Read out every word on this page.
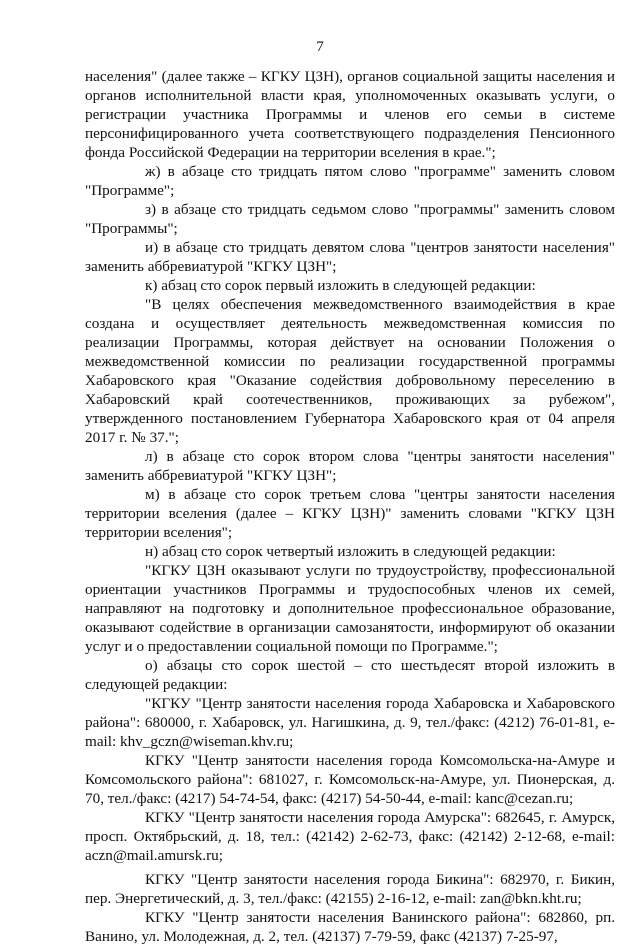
7

населения" (далее также – КГКУ ЦЗН), органов социальной защиты населения и органов исполнительной власти края, уполномоченных оказывать услуги, о регистрации участника Программы и членов его семьи в системе персонифицированного учета соответствующего подразделения Пенсионного фонда Российской Федерации на территории вселения в крае.";

ж) в абзаце сто тридцать пятом слово "программе" заменить словом "Программе";

з) в абзаце сто тридцать седьмом слово "программы" заменить словом "Программы";

и) в абзаце сто тридцать девятом слова "центров занятости населения" заменить аббревиатурой "КГКУ ЦЗН";

к) абзац сто сорок первый изложить в следующей редакции:

"В целях обеспечения межведомственного взаимодействия в крае создана и осуществляет деятельность межведомственная комиссия по реализации Программы, которая действует на основании Положения о межведомственной комиссии по реализации государственной программы Хабаровского края "Оказание содействия добровольному переселению в Хабаровский край соотечественников, проживающих за рубежом", утвержденного постановлением Губернатора Хабаровского края от 04 апреля 2017 г. № 37.";

л) в абзаце сто сорок втором слова "центры занятости населения" заменить аббревиатурой "КГКУ ЦЗН";

м) в абзаце сто сорок третьем слова "центры занятости населения территории вселения (далее – КГКУ ЦЗН)" заменить словами "КГКУ ЦЗН территории вселения";

н) абзац сто сорок четвертый изложить в следующей редакции:

"КГКУ ЦЗН оказывают услуги по трудоустройству, профессиональной ориентации участников Программы и трудоспособных членов их семей, направляют на подготовку и дополнительное профессиональное образование, оказывают содействие в организации самозанятости, информируют об оказании услуг и о предоставлении социальной помощи по Программе.";

о) абзацы сто сорок шестой – сто шестьдесят второй изложить в следующей редакции:

"КГКУ "Центр занятости населения города Хабаровска и Хабаровского района": 680000, г. Хабаровск, ул. Нагишкина, д. 9, тел./факс: (4212) 76-01-81, e-mail: khv_gczn@wiseman.khv.ru;

КГКУ "Центр занятости населения города Комсомольска-на-Амуре и Комсомольского района": 681027, г. Комсомольск-на-Амуре, ул. Пионерская, д. 70, тел./факс: (4217) 54-74-54, факс: (4217) 54-50-44, e-mail: kanc@cezan.ru;

КГКУ "Центр занятости населения города Амурска": 682645, г. Амурск, просп. Октябрьский, д. 18, тел.: (42142) 2-62-73, факс: (42142) 2-12-68, e-mail: aczn@mail.amursk.ru;

КГКУ "Центр занятости населения города Бикина": 682970, г. Бикин, пер. Энергетический, д. 3, тел./факс: (42155) 2-16-12, e-mail: zan@bkn.kht.ru;

КГКУ "Центр занятости населения Ванинского района": 682860, рп. Ванино, ул. Молодежная, д. 2, тел. (42137) 7-79-59, факс (42137) 7-25-97,
